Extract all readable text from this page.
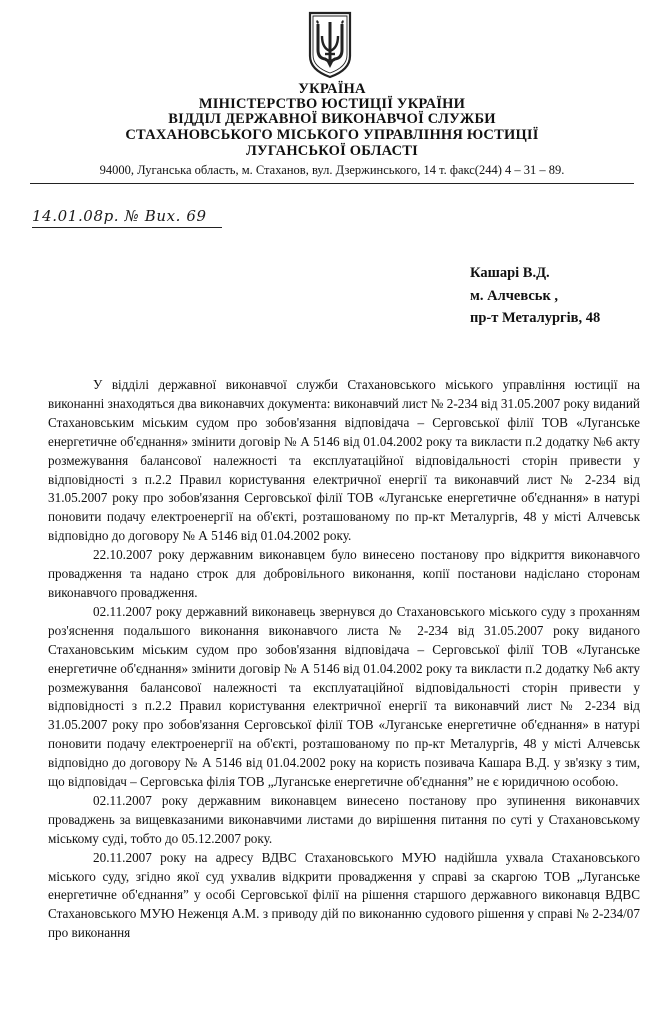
УКРАЇНА
МІНІСТЕРСТВО ЮСТИЦІЇ УКРАЇНИ
ВІДДІЛ ДЕРЖАВНОЇ ВИКОНАВЧОЇ СЛУЖБИ
СТАХАНОВСЬКОГО МІСЬКОГО УПРАВЛІННЯ ЮСТИЦІЇ
ЛУГАНСЬКОЇ ОБЛАСТІ
94000, Луганська область, м. Стаханов, вул. Дзержинського, 14 т. факс(244) 4 – 31 – 89.
14.01.08р. № Вих. 69
Кашарі В.Д.
м. Алчевськ ,
пр-т Металургів, 48

У відділі державної виконавчої служби Стахановського міського управління юстиції на виконанні знаходяться два виконавчих документа: виконавчий лист № 2-234 від 31.05.2007 року виданий Стахановським міським судом про зобов'язання відповідача – Серговської філії ТОВ «Луганське енергетичне об'єднання» змінити договір № А 5146 від 01.04.2002 року та викласти п.2 додатку №6 акту розмежування балансової належності та експлуатаційної відповідальності сторін привести у відповідності з п.2.2 Правил користування електричної енергії та виконавчий лист № 2-234 від 31.05.2007 року про зобов'язання Серговської філії ТОВ «Луганське енергетичне об'єднання» в натурі поновити подачу електроенергії на об'єкті, розташованому по пр-кт Металургів, 48 у місті Алчевськ відповідно до договору № А 5146 від 01.04.2002 року.

22.10.2007 року державним виконавцем було винесено постанову про відкриття виконавчого провадження та надано строк для добровільного виконання, копії постанови надіслано сторонам виконавчого провадження.

02.11.2007 року державний виконавець звернувся до Стахановського міського суду з проханням роз'яснення подальшого виконання виконавчого листа № 2-234 від 31.05.2007 року виданого Стахановським міським судом про зобов'язання відповідача – Серговської філії ТОВ «Луганське енергетичне об'єднання» змінити договір № А 5146 від 01.04.2002 року та викласти п.2 додатку №6 акту розмежування балансової належності та експлуатаційної відповідальності сторін привести у відповідності з п.2.2 Правил користування електричної енергії та виконавчий лист № 2-234 від 31.05.2007 року про зобов'язання Серговської філії ТОВ «Луганське енергетичне об'єднання» в натурі поновити подачу електроенергії на об'єкті, розташованому по пр-кт Металургів, 48 у місті Алчевськ відповідно до договору № А 5146 від 01.04.2002 року на користь позивача Кашара В.Д. у зв'язку з тим, що відповідач – Серговська філія ТОВ „Луганське енергетичне об'єднання” не є юридичною особою.

02.11.2007 року державним виконавцем винесено постанову про зупинення виконавчих проваджень за вищевказаними виконавчими листами до вирішення питання по суті у Стахановському міському суді, тобто до 05.12.2007 року.

20.11.2007 року на адресу ВДВС Стахановського МУЮ надійшла ухвала Стахановського міського суду, згідно якої суд ухвалив відкрити провадження у справі за скаргою ТОВ „Луганське енергетичне об'єднання” у особі Серговської філії на рішення старшого державного виконавця ВДВС Стахановського МУЮ Неженця А.М. з приводу дій по виконанню судового рішення у справі № 2-234/07 про виконання
